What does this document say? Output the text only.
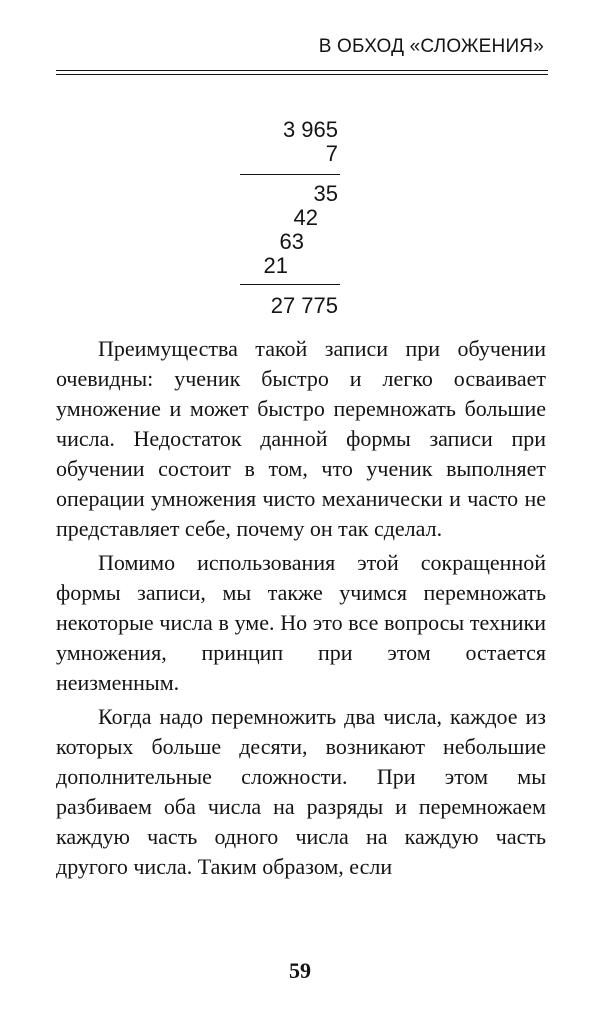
В ОБХОД «СЛОЖЕНИЯ»
3 965
7
35
42
63
21
27 775

Преимущества такой записи при обучении очевидны: ученик быстро и легко осваивает умножение и может быстро перемножать большие числа. Недостаток данной формы записи при обучении состоит в том, что ученик выполняет операции умножения чисто механически и часто не представляет себе, почему он так сделал.

Помимо использования этой сокращенной формы записи, мы также учимся перемножать некоторые числа в уме. Но это все вопросы техники умножения, принцип при этом остается неизменным.

Когда надо перемножить два числа, каждое из которых больше десяти, возникают небольшие дополнительные сложности. При этом мы разбиваем оба числа на разряды и перемножаем каждую часть одного числа на каждую часть другого числа. Таким образом, если

59
